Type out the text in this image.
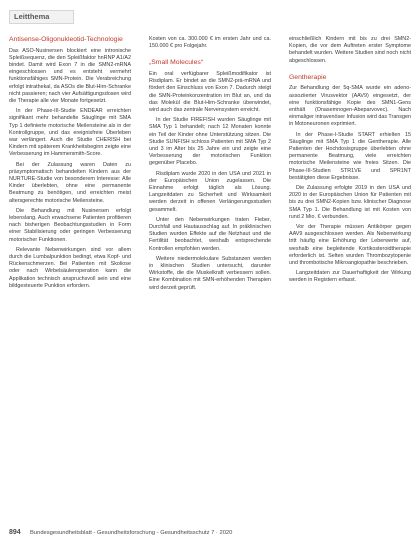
Leitthema
Antisense-Oligonukleotid-Technologie

Das ASO-Nusinersen blockiert eine intronische Spleißsequenz, die den Spleißfaktor hnRNP A1/A2 bindet. Damit wird Exon 7 in die SMN2-mRNA eingeschlossen und es entsteht vermehrt funktionsfähiges SMN-Protein. Die Verabreichung erfolgt intrathekal, da ASOs die Blut-Hirn-Schranke nicht passieren; nach vier Aufsättigungsdosen wird die Therapie alle vier Monate fortgesetzt.

In der Phase-III-Studie ENDEAR erreichten signifikant mehr behandelte Säuglinge mit SMA Typ 1 definierte motorische Meilensteine als in der Kontrollgruppe, und das ereignisfreie Überleben war verlängert. Auch die Studie CHERISH bei Kindern mit späterem Krankheitsbeginn zeigte eine Verbesserung im Hammersmith-Score.

Bei der Zulassung waren Daten zu präsymptomatisch behandelten Kindern aus der NURTURE-Studie von besonderem Interesse: Alle Kinder überlebten, ohne eine permanente Beatmung zu benötigen, und erreichten meist altersgerechte motorische Meilensteine.

Die Behandlung mit Nusinersen erfolgt lebenslang. Auch erwachsene Patienten profitieren nach bisherigen Beobachtungsstudien in Form einer Stabilisierung oder geringen Verbesserung motorischer Funktionen.

Relevante Nebenwirkungen sind vor allem durch die Lumbalpunktion bedingt, etwa Kopf- und Rückenschmerzen. Bei Patienten mit Skoliose oder nach Wirbelsäulenoperation kann die Applikation technisch anspruchsvoll sein und eine bildgesteuerte Punktion erfordern.

Kosten von ca. 300.000 € im ersten Jahr und ca. 150.000 € pro Folgejahr.

„Small Molecules“

Ein oral verfügbarer Spleißmodifikator ist Risdiplam. Er bindet an die SMN2-prä-mRNA und fördert den Einschluss von Exon 7. Dadurch steigt die SMN-Proteinkonzentration im Blut an, und da das Molekül die Blut-Hirn-Schranke überwindet, wird auch das zentrale Nervensystem erreicht.

In der Studie FIREFISH wurden Säuglinge mit SMA Typ 1 behandelt; nach 12 Monaten konnte ein Teil der Kinder ohne Unterstützung sitzen. Die Studie SUNFISH schloss Patienten mit SMA Typ 2 und 3 im Alter bis 25 Jahre ein und zeigte eine Verbesserung der motorischen Funktion gegenüber Placebo.

Risdiplam wurde 2020 in den USA und 2021 in der Europäischen Union zugelassen. Die Einnahme erfolgt täglich als Lösung. Langzeitdaten zu Sicherheit und Wirksamkeit werden derzeit in offenen Verlängerungsstudien gesammelt.

Unter den Nebenwirkungen traten Fieber, Durchfall und Hautausschlag auf. In präklinischen Studien wurden Effekte auf die Netzhaut und die Fertilität beobachtet, weshalb entsprechende Kontrollen empfohlen werden.

Weitere niedermolekulare Substanzen werden in klinischen Studien untersucht, darunter Wirkstoffe, die die Muskelkraft verbessern sollen. Eine Kombination mit SMN-erhöhenden Therapien wird derzeit geprüft.

einschließlich Kindern mit bis zu drei SMN2-Kopien, die vor dem Auftreten erster Symptome behandelt wurden. Weitere Studien sind noch nicht abgeschlossen.

Gentherapie

Zur Behandlung der 5q-SMA wurde ein adeno-assoziierter Virusvektor (AAV9) eingesetzt, der eine funktionsfähige Kopie des SMN1-Gens enthält (Onasemnogen-Abeparvovec). Nach einmaliger intravenöser Infusion wird das Transgen in Motoneuronen exprimiert.

In der Phase-I-Studie START erhielten 15 Säuglinge mit SMA Typ 1 die Gentherapie. Alle Patienten der Hochdosisgruppe überlebten ohne permanente Beatmung, viele erreichten motorische Meilensteine wie freies Sitzen. Die Phase-III-Studien STR1VE und SPR1NT bestätigten diese Ergebnisse.

Die Zulassung erfolgte 2019 in den USA und 2020 in der Europäischen Union für Patienten mit bis zu drei SMN2-Kopien bzw. klinischer Diagnose SMA Typ 1. Die Behandlung ist mit Kosten von rund 2 Mio. € verbunden.

Vor der Therapie müssen Antikörper gegen AAV9 ausgeschlossen werden. Als Nebenwirkung tritt häufig eine Erhöhung der Leberwerte auf, weshalb eine begleitende Kortikosteroidtherapie erforderlich ist. Selten wurden Thrombozytopenie und thrombotische Mikroangiopathie beschrieben.

Langzeitdaten zur Dauerhaftigkeit der Wirkung werden in Registern erfasst.

894 Bundesgesundheitsblatt - Gesundheitsforschung - Gesundheitsschutz 7 · 2020
